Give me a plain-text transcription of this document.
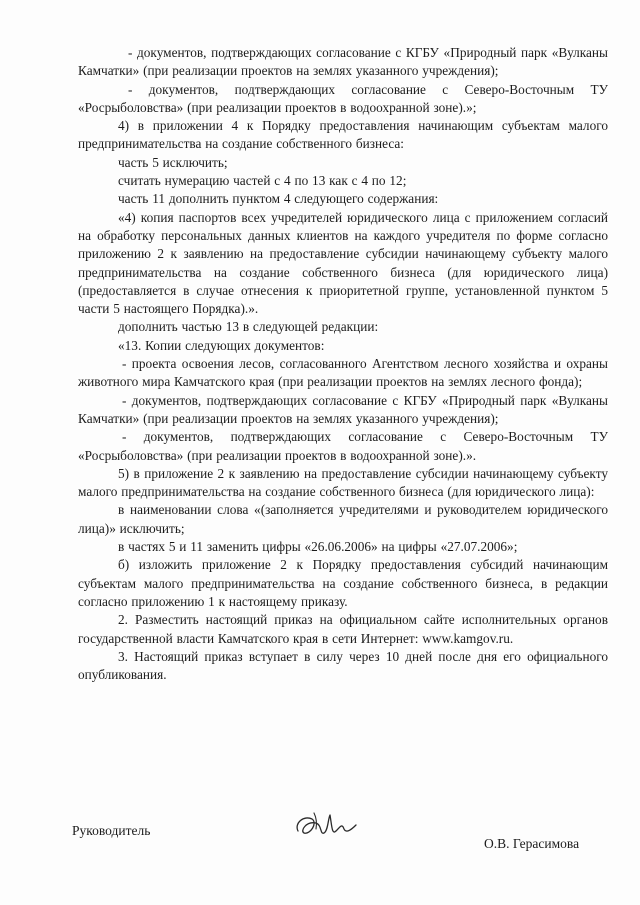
- документов, подтверждающих согласование с КГБУ «Природный парк «Вулканы Камчатки» (при реализации проектов на землях указанного учреждения);

- документов, подтверждающих согласование с Северо-Восточным ТУ «Росрыболовства» (при реализации проектов в водоохранной зоне).»;

4) в приложении 4 к Порядку предоставления начинающим субъектам малого предпринимательства на создание собственного бизнеса:

часть 5 исключить;

считать нумерацию частей с 4 по 13 как с 4 по 12;

часть 11 дополнить пунктом 4 следующего содержания:

«4) копия паспортов всех учредителей юридического лица с приложением согласий на обработку персональных данных клиентов на каждого учредителя по форме согласно приложению 2 к заявлению на предоставление субсидии начинающему субъекту малого предпринимательства на создание собственного бизнеса (для юридического лица) (предоставляется в случае отнесения к приоритетной группе, установленной пунктом 5 части 5 настоящего Порядка).».

дополнить частью 13 в следующей редакции:

«13. Копии следующих документов:

- проекта освоения лесов, согласованного Агентством лесного хозяйства и охраны животного мира Камчатского края (при реализации проектов на землях лесного фонда);

- документов, подтверждающих согласование с КГБУ «Природный парк «Вулканы Камчатки» (при реализации проектов на землях указанного учреждения);

- документов, подтверждающих согласование с Северо-Восточным ТУ «Росрыболовства» (при реализации проектов в водоохранной зоне).».

5) в приложение 2 к заявлению на предоставление субсидии начинающему субъекту малого предпринимательства на создание собственного бизнеса (для юридического лица):

в наименовании слова «(заполняется учредителями и руководителем юридического лица)» исключить;

в частях 5 и 11 заменить цифры «26.06.2006» на цифры «27.07.2006»;

б) изложить приложение 2 к Порядку предоставления субсидий начинающим субъектам малого предпринимательства на создание собственного бизнеса, в редакции согласно приложению 1 к настоящему приказу.

2. Разместить настоящий приказ на официальном сайте исполнительных органов государственной власти Камчатского края в сети Интернет: www.kamgov.ru.

3. Настоящий приказ вступает в силу через 10 дней после дня его официального опубликования.

Руководитель
О.В. Герасимова
